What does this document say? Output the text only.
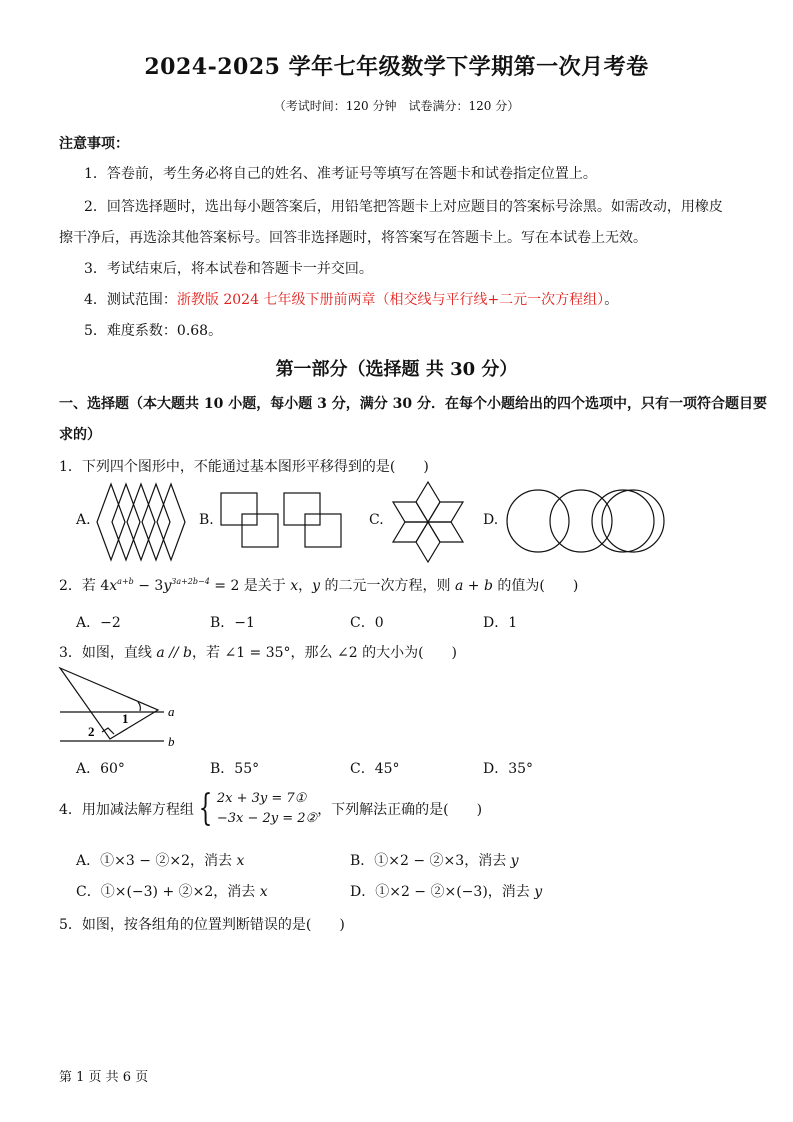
2024-2025 学年七年级数学下学期第一次月考卷
（考试时间：120 分钟　试卷满分：120 分）
注意事项：
1．答卷前，考生务必将自己的姓名、准考证号等填写在答题卡和试卷指定位置上。
2．回答选择题时，选出每小题答案后，用铅笔把答题卡上对应题目的答案标号涂黑。如需改动，用橡皮
擦干净后，再选涂其他答案标号。回答非选择题时，将答案写在答题卡上。写在本试卷上无效。
3．考试结束后，将本试卷和答题卡一并交回。
4．测试范围：浙教版 2024 七年级下册前两章（相交线与平行线+二元一次方程组）。
5．难度系数：0.68。
第一部分（选择题 共 30 分）
一、选择题（本大题共 10 小题，每小题 3 分，满分 30 分．在每个小题给出的四个选项中，只有一项符合题目要
求的）
1．下列四个图形中，不能通过基本图形平移得到的是(　　)
A.	B.	C.	D.
2．若 $4x^{a+b} - 3y^{3a+2b-4} = 2$ 是关于 x，y 的二元一次方程，则 a + b 的值为(　　)
A．−2	B．−1	C．0	D．1
3．如图，直线 a // b，若 ∠1 = 35°，那么 ∠2 的大小为(　　)
1
2
a
b
A．60°	B．55°	C．45°	D．35°
4．用加减法解方程组 { 2x + 3y = 7①
−3x − 2y = 2②，下列解法正确的是(　　)
A．①×3 − ②×2，消去 x	B．①×2 − ②×3，消去 y
C．①×(−3) + ②×2，消去 x	D．①×2 − ②×(−3)，消去 y
5．如图，按各组角的位置判断错误的是(　　)
第 1 页 共 6 页
